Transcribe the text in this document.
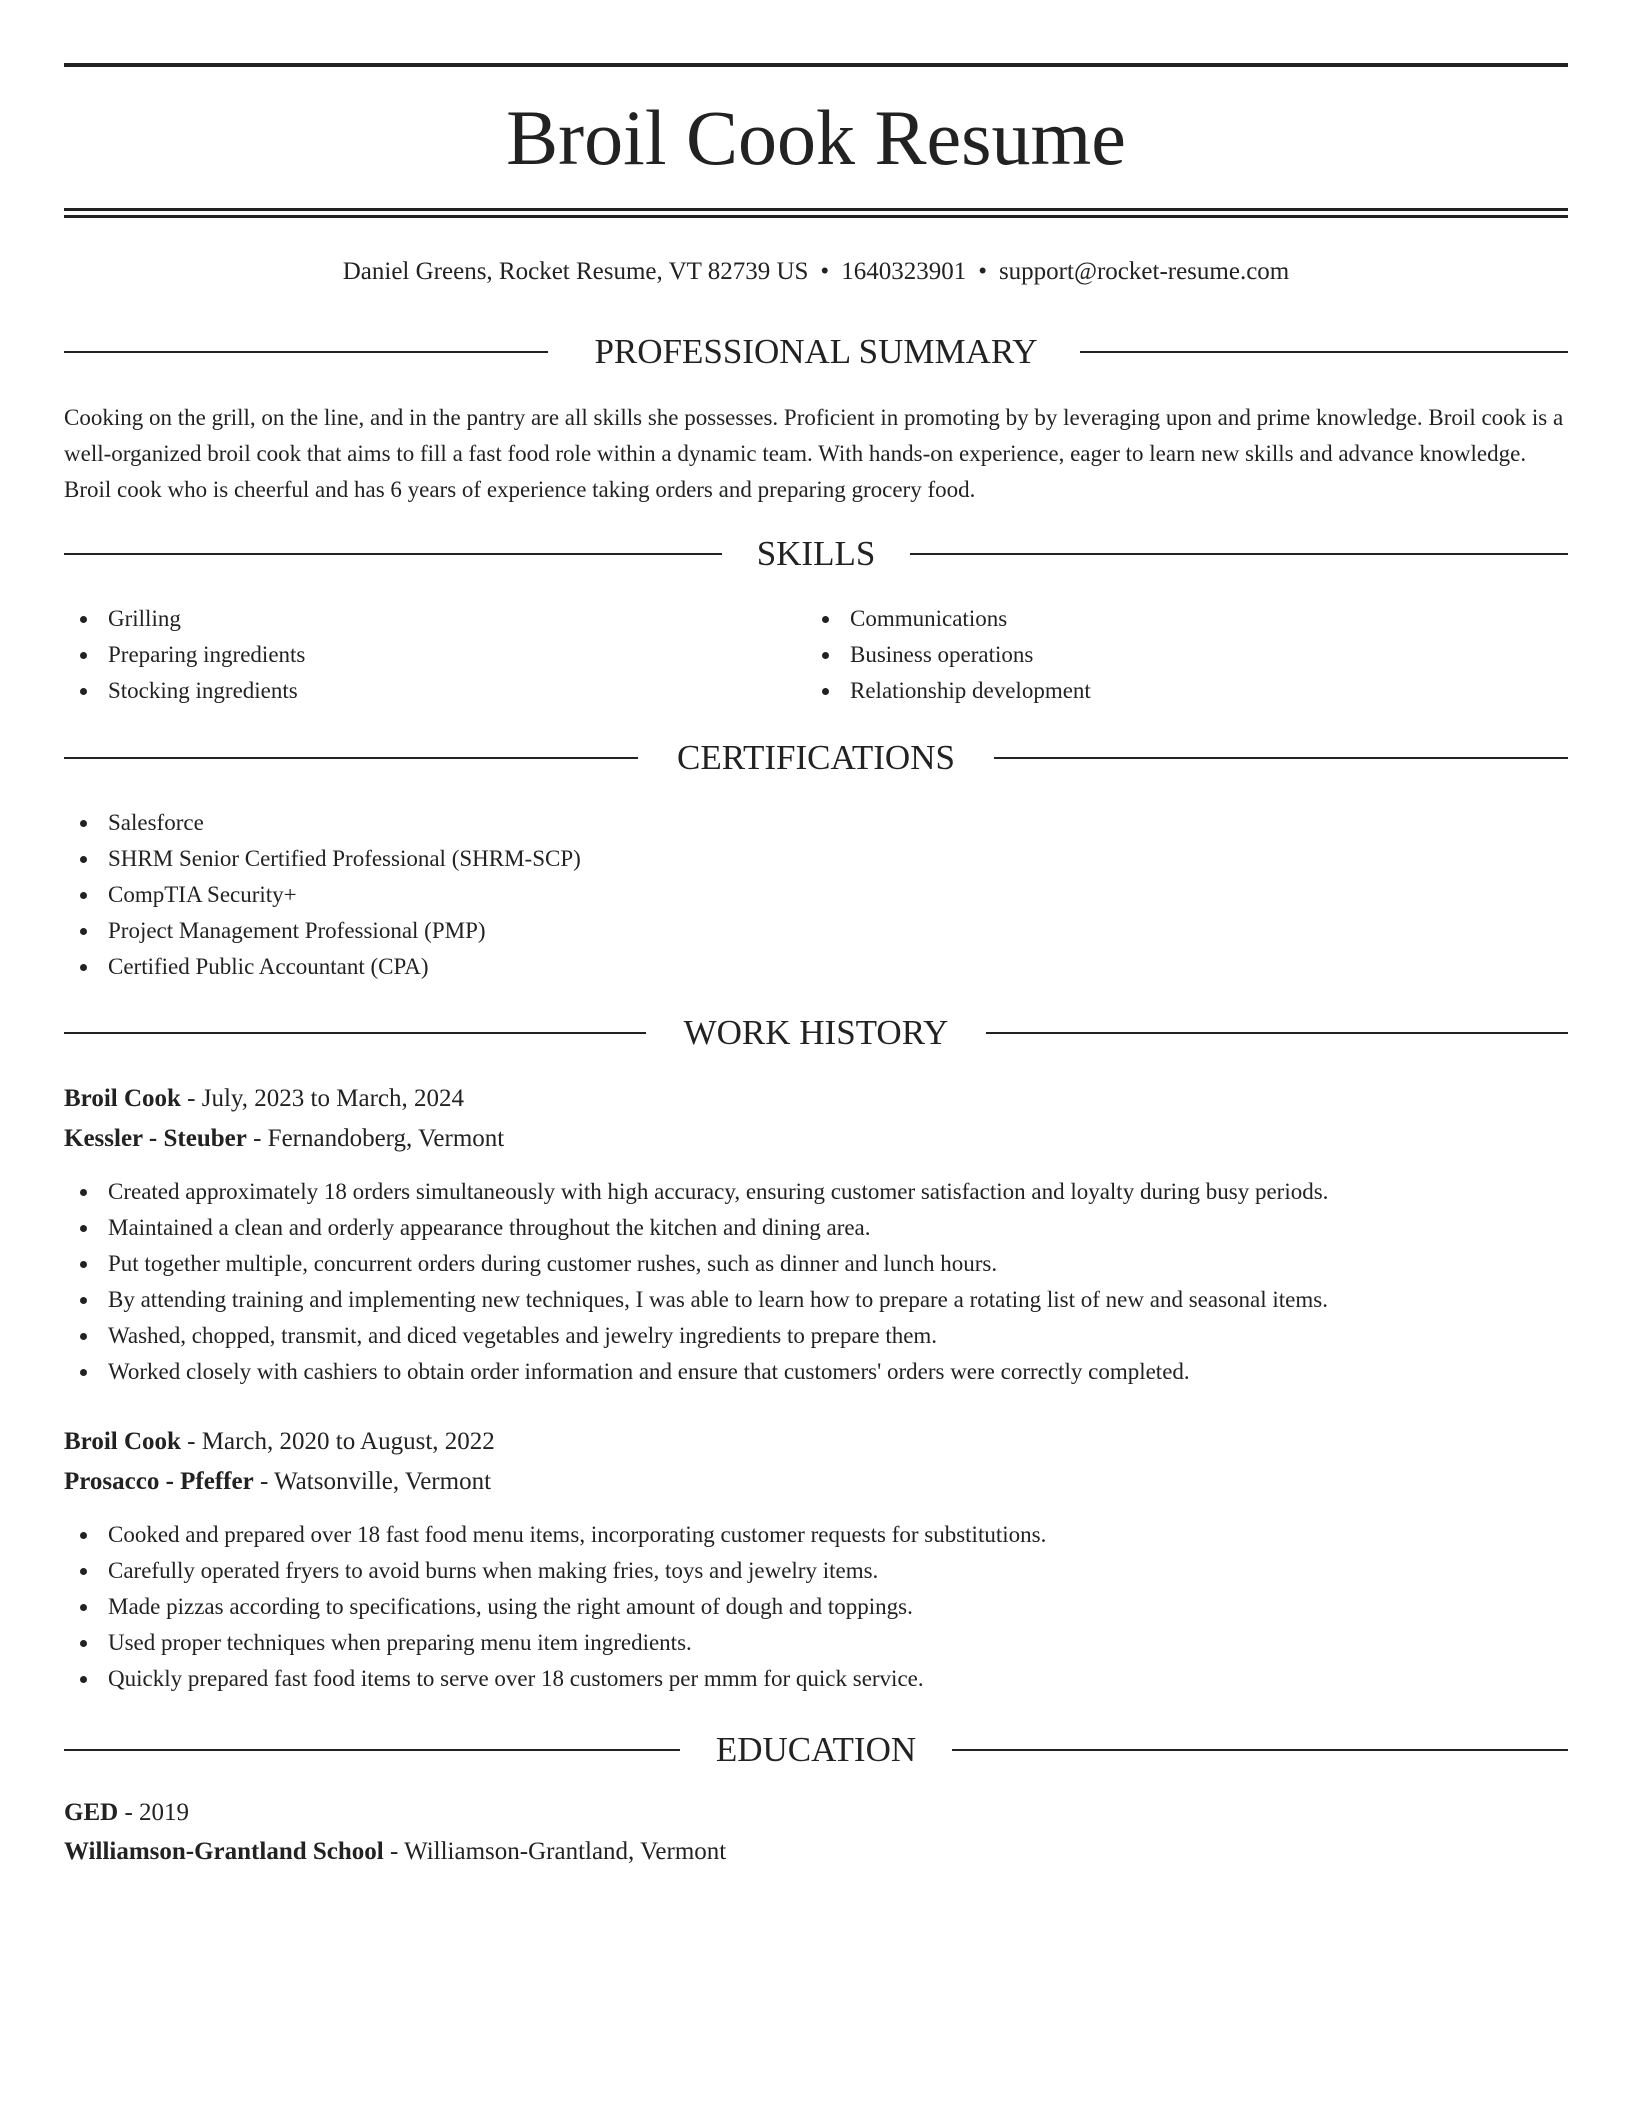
Broil Cook Resume
Daniel Greens, Rocket Resume, VT 82739 US • 1640323901 • support@rocket-resume.com
PROFESSIONAL SUMMARY
Cooking on the grill, on the line, and in the pantry are all skills she possesses. Proficient in promoting by by leveraging upon and prime knowledge. Broil cook is a well-organized broil cook that aims to fill a fast food role within a dynamic team. With hands-on experience, eager to learn new skills and advance knowledge. Broil cook who is cheerful and has 6 years of experience taking orders and preparing grocery food.
SKILLS
Grilling
Preparing ingredients
Stocking ingredients
Communications
Business operations
Relationship development
CERTIFICATIONS
Salesforce
SHRM Senior Certified Professional (SHRM-SCP)
CompTIA Security+
Project Management Professional (PMP)
Certified Public Accountant (CPA)
WORK HISTORY
Broil Cook - July, 2023 to March, 2024
Kessler - Steuber - Fernandoberg, Vermont
Created approximately 18 orders simultaneously with high accuracy, ensuring customer satisfaction and loyalty during busy periods.
Maintained a clean and orderly appearance throughout the kitchen and dining area.
Put together multiple, concurrent orders during customer rushes, such as dinner and lunch hours.
By attending training and implementing new techniques, I was able to learn how to prepare a rotating list of new and seasonal items.
Washed, chopped, transmit, and diced vegetables and jewelry ingredients to prepare them.
Worked closely with cashiers to obtain order information and ensure that customers' orders were correctly completed.
Broil Cook - March, 2020 to August, 2022
Prosacco - Pfeffer - Watsonville, Vermont
Cooked and prepared over 18 fast food menu items, incorporating customer requests for substitutions.
Carefully operated fryers to avoid burns when making fries, toys and jewelry items.
Made pizzas according to specifications, using the right amount of dough and toppings.
Used proper techniques when preparing menu item ingredients.
Quickly prepared fast food items to serve over 18 customers per mmm for quick service.
EDUCATION
GED - 2019
Williamson-Grantland School - Williamson-Grantland, Vermont
